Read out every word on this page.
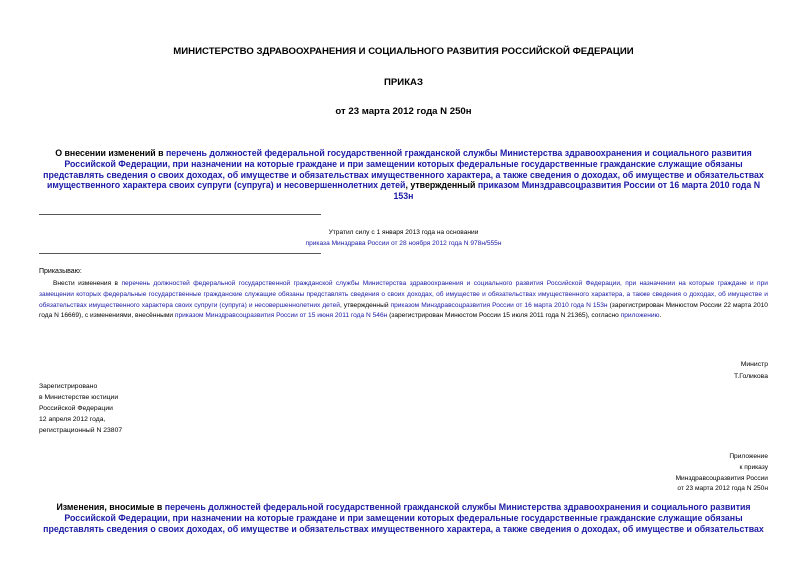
МИНИСТЕРСТВО ЗДРАВООХРАНЕНИЯ И СОЦИАЛЬНОГО РАЗВИТИЯ РОССИЙСКОЙ ФЕДЕРАЦИИ
ПРИКАЗ
от 23 марта 2012 года N 250н
О внесении изменений в перечень должностей федеральной государственной гражданской службы Министерства здравоохранения и социального развития Российской Федерации, при назначении на которые граждане и при замещении которых федеральные государственные гражданские служащие обязаны представлять сведения о своих доходах, об имуществе и обязательствах имущественного характера, а также сведения о доходах, об имуществе и обязательствах имущественного характера своих супруги (супруга) и несовершеннолетних детей, утвержденный приказом Минздравсоцразвития России от 16 марта 2010 года N 153н
Утратил силу с 1 января 2013 года на основании
приказа Минздрава России от 28 ноября 2012 года N 978н/555н
Приказываю:
Внести изменения в перечень должностей федеральной государственной гражданской службы Министерства здравоохранения и социального развития Российской Федерации, при назначении на которые граждане и при замещении которых федеральные государственные гражданские служащие обязаны представлять сведения о своих доходах, об имуществе и обязательствах имущественного характера, а также сведения о доходах, об имуществе и обязательствах имущественного характера своих супруги (супруга) и несовершеннолетних детей, утвержденный приказом Минздравсоцразвития России от 16 марта 2010 года N 153н (зарегистрирован Минюстом России 22 марта 2010 года N 16669), с изменениями, внесёнными приказом Минздравсоцразвития России от 15 июня 2011 года N 546н (зарегистрирован Минюстом России 15 июля 2011 года N 21365), согласно приложению.
Министр
Т.Голикова
Зарегистрировано
в Министерстве юстиции
Российской Федерации
12 апреля 2012 года,
регистрационный N 23807
Приложение
к приказу
Минздравсоцразвития России
от 23 марта 2012 года N 250н
Изменения, вносимые в перечень должностей федеральной государственной гражданской службы Министерства здравоохранения и социального развития Российской Федерации, при назначении на которые граждане и при замещении которых федеральные государственные гражданские служащие обязаны представлять сведения о своих доходах, об имуществе и обязательствах имущественного характера, а также сведения о доходах, об имуществе и обязательствах
